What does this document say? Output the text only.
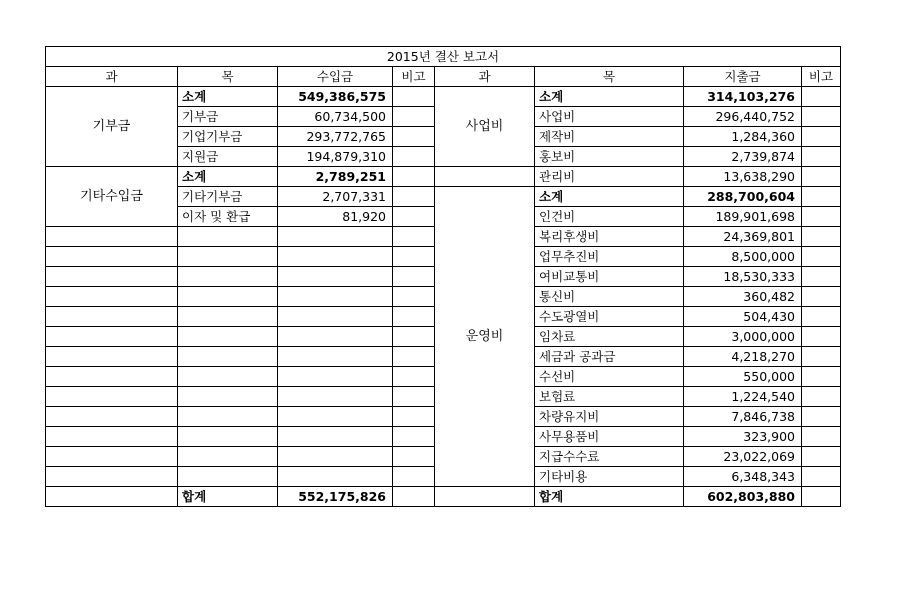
2015년 결산 보고서							
과	목	수입금	비고	과	목	지출금	비고
기부금	소계	549,386,575		사업비	소계	314,103,276	
	기부금	60,734,500			사업비	296,440,752	
	기업기부금	293,772,765			제작비	1,284,360	
	지원금	194,879,310			홍보비	2,739,874	
기타수입금	소계	2,789,251			관리비	13,638,290	
	기타기부금	2,707,331		운영비	소계	288,700,604	
	이자 및 환급	81,920			인건비	189,901,698	
					복리후생비	24,369,801	
					업무추진비	8,500,000	
					여비교통비	18,530,333	
					통신비	360,482	
					수도광열비	504,430	
					임차료	3,000,000	
					세금과 공과금	4,218,270	
					수선비	550,000	
					보험료	1,224,540	
					차량유지비	7,846,738	
					사무용품비	323,900	
					지급수수료	23,022,069	
					기타비용	6,348,343	
	합계	552,175,826			합계	602,803,880	
